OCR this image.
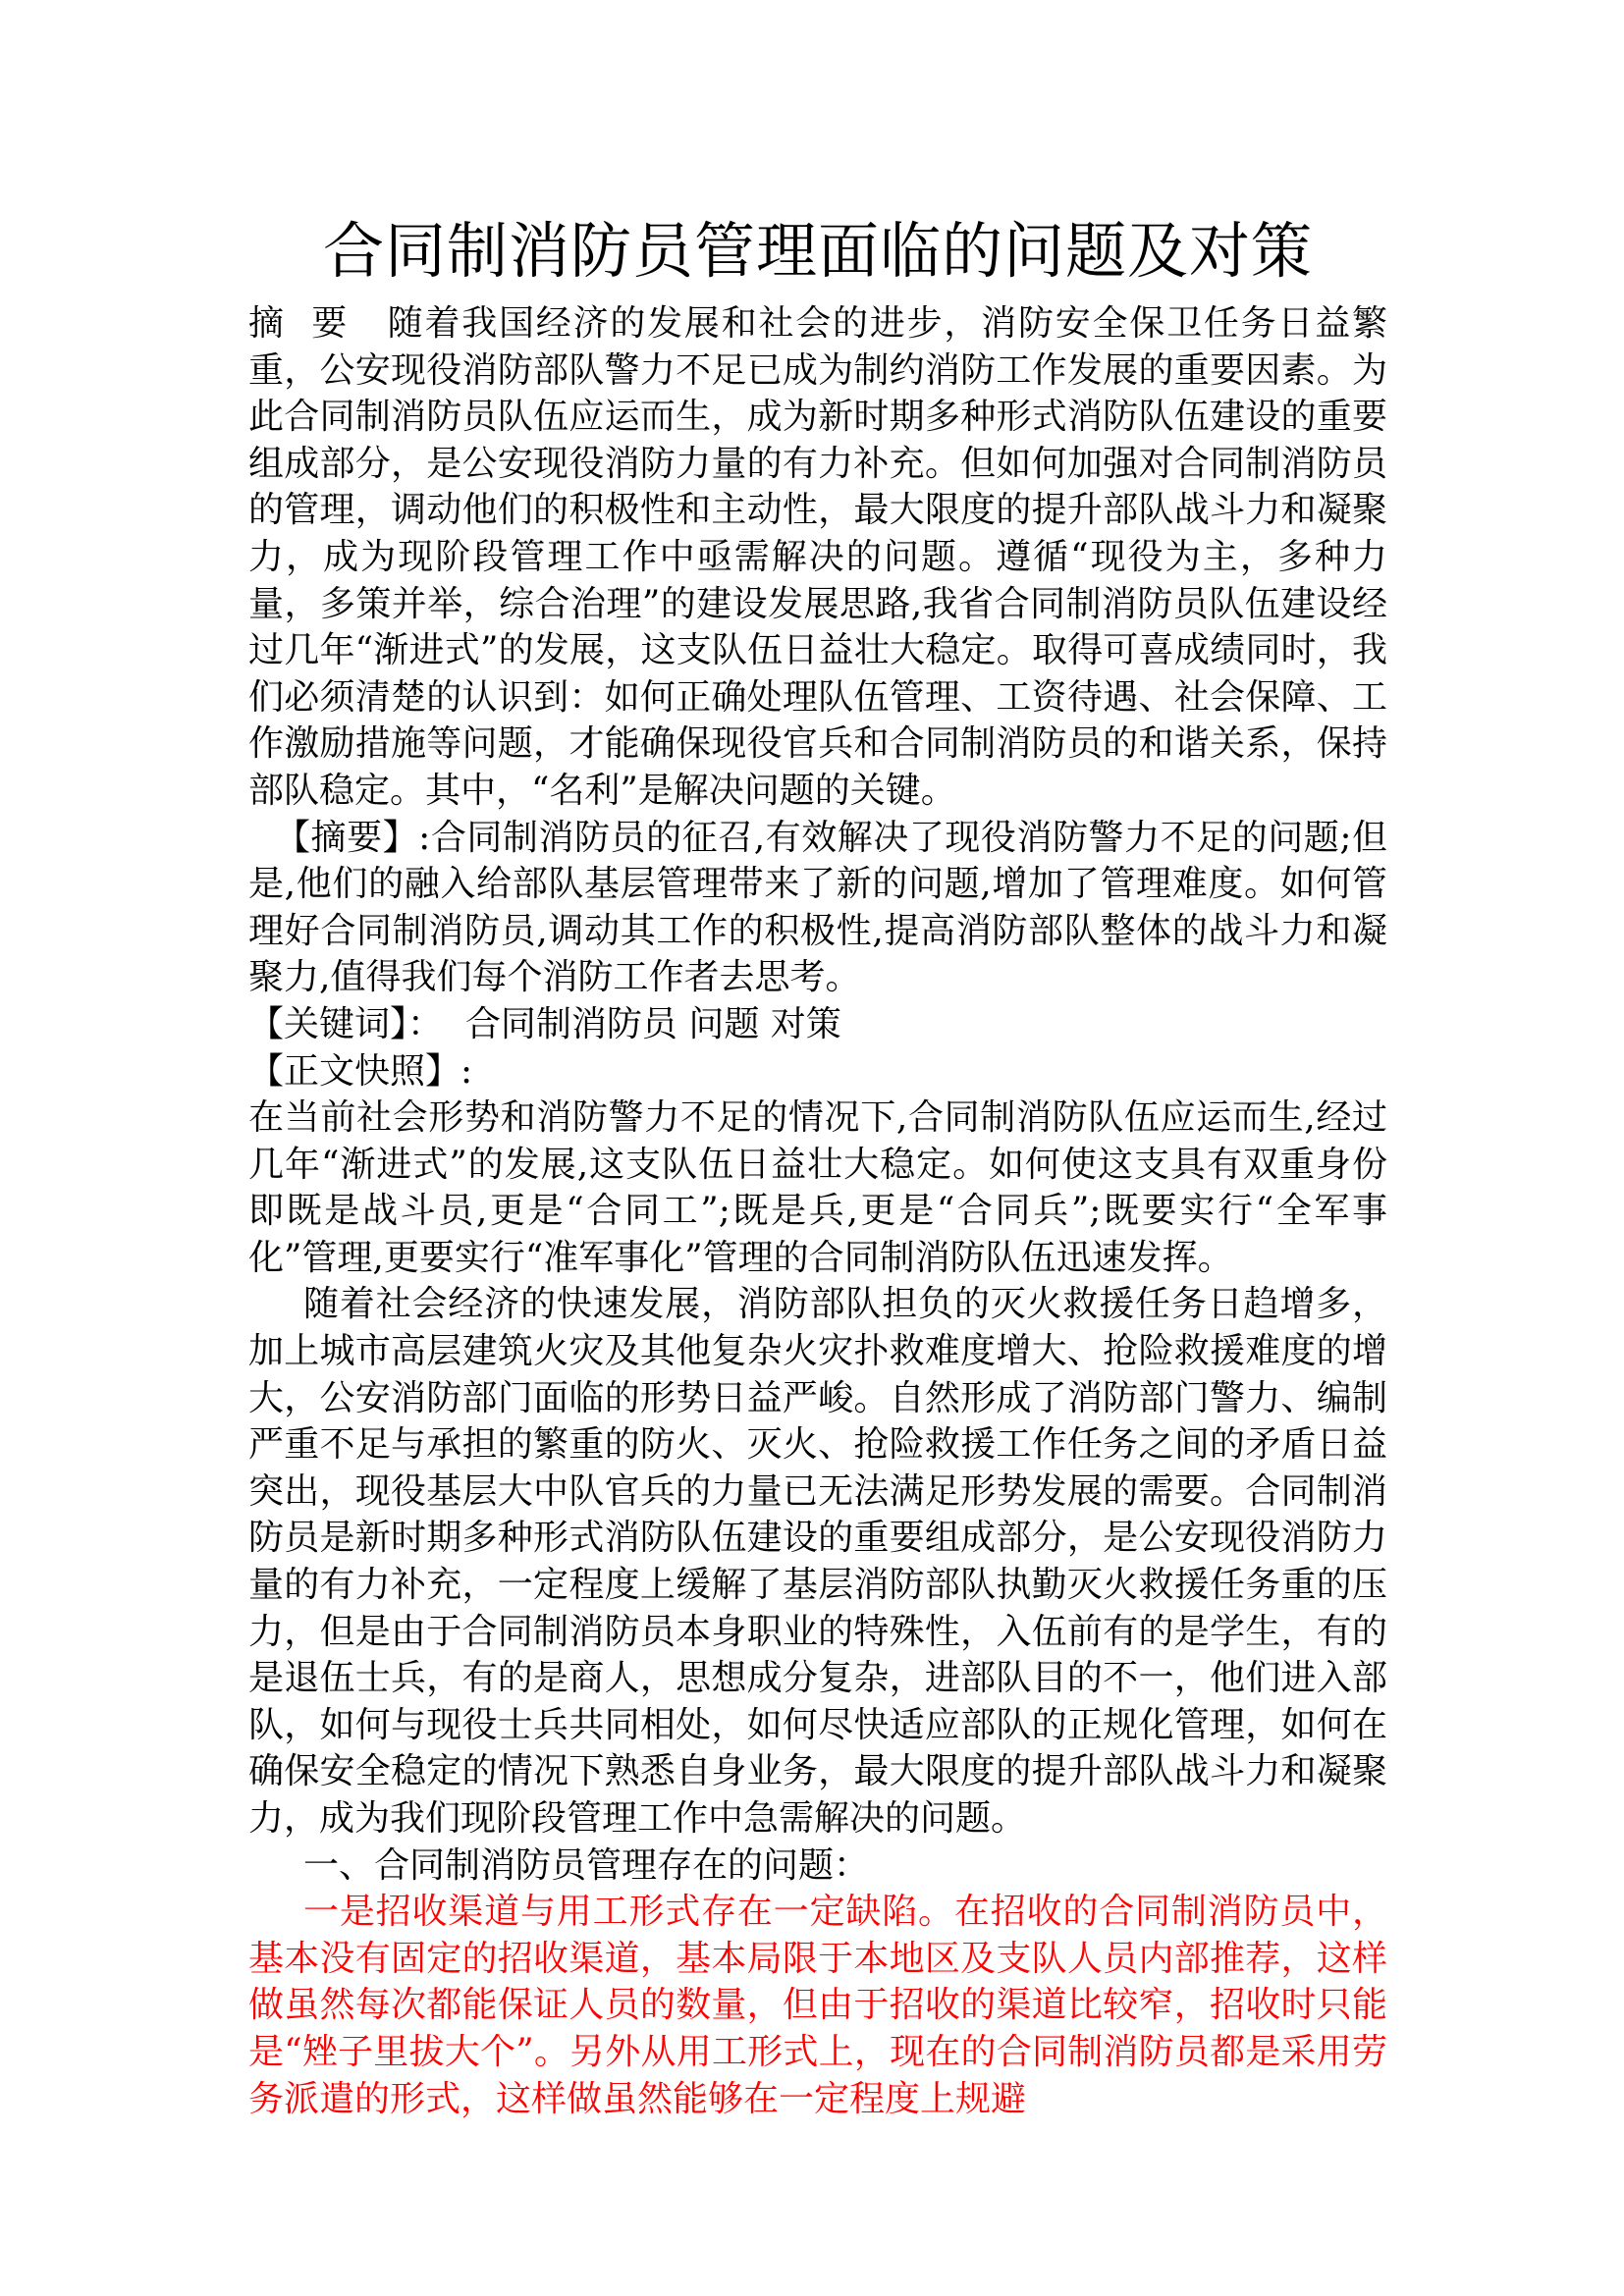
合同制消防员管理面临的问题及对策

摘  要   随着我国经济的发展和社会的进步，消防安全保卫任务日益繁重，公安现役消防部队警力不足已成为制约消防工作发展的重要因素。为此合同制消防员队伍应运而生，成为新时期多种形式消防队伍建设的重要组成部分，是公安现役消防力量的有力补充。但如何加强对合同制消防员的管理，调动他们的积极性和主动性，最大限度的提升部队战斗力和凝聚力，成为现阶段管理工作中亟需解决的问题。遵循“现役为主，多种力量，多策并举，综合治理”的建设发展思路,我省合同制消防员队伍建设经过几年“渐进式”的发展，这支队伍日益壮大稳定。取得可喜成绩同时，我们必须清楚的认识到：如何正确处理队伍管理、工资待遇、社会保障、工作激励措施等问题，才能确保现役官兵和合同制消防员的和谐关系，保持部队稳定。其中，“名利”是解决问题的关键。

【摘要】:合同制消防员的征召,有效解决了现役消防警力不足的问题;但是,他们的融入给部队基层管理带来了新的问题,增加了管理难度。如何管理好合同制消防员,调动其工作的积极性,提高消防部队整体的战斗力和凝聚力,值得我们每个消防工作者去思考。

【关键词】：  合同制消防员 问题 对策

【正文快照】:

在当前社会形势和消防警力不足的情况下,合同制消防队伍应运而生,经过几年“渐进式”的发展,这支队伍日益壮大稳定。如何使这支具有双重身份即既是战斗员,更是“合同工”;既是兵,更是“合同兵”;既要实行“全军事化”管理,更要实行“准军事化”管理的合同制消防队伍迅速发挥。

随着社会经济的快速发展，消防部队担负的灭火救援任务日趋增多，加上城市高层建筑火灾及其他复杂火灾扑救难度增大、抢险救援难度的增大，公安消防部门面临的形势日益严峻。自然形成了消防部门警力、编制严重不足与承担的繁重的防火、灭火、抢险救援工作任务之间的矛盾日益突出，现役基层大中队官兵的力量已无法满足形势发展的需要。合同制消防员是新时期多种形式消防队伍建设的重要组成部分，是公安现役消防力量的有力补充，一定程度上缓解了基层消防部队执勤灭火救援任务重的压力，但是由于合同制消防员本身职业的特殊性，入伍前有的是学生，有的是退伍士兵，有的是商人，思想成分复杂，进部队目的不一，他们进入部队，如何与现役士兵共同相处，如何尽快适应部队的正规化管理，如何在确保安全稳定的情况下熟悉自身业务，最大限度的提升部队战斗力和凝聚力，成为我们现阶段管理工作中急需解决的问题。

一、合同制消防员管理存在的问题：

一是招收渠道与用工形式存在一定缺陷。在招收的合同制消防员中，基本没有固定的招收渠道，基本局限于本地区及支队人员内部推荐，这样做虽然每次都能保证人员的数量，但由于招收的渠道比较窄，招收时只能是“矬子里拔大个”。另外从用工形式上，现在的合同制消防员都是采用劳务派遣的形式，这样做虽然能够在一定程度上规避
